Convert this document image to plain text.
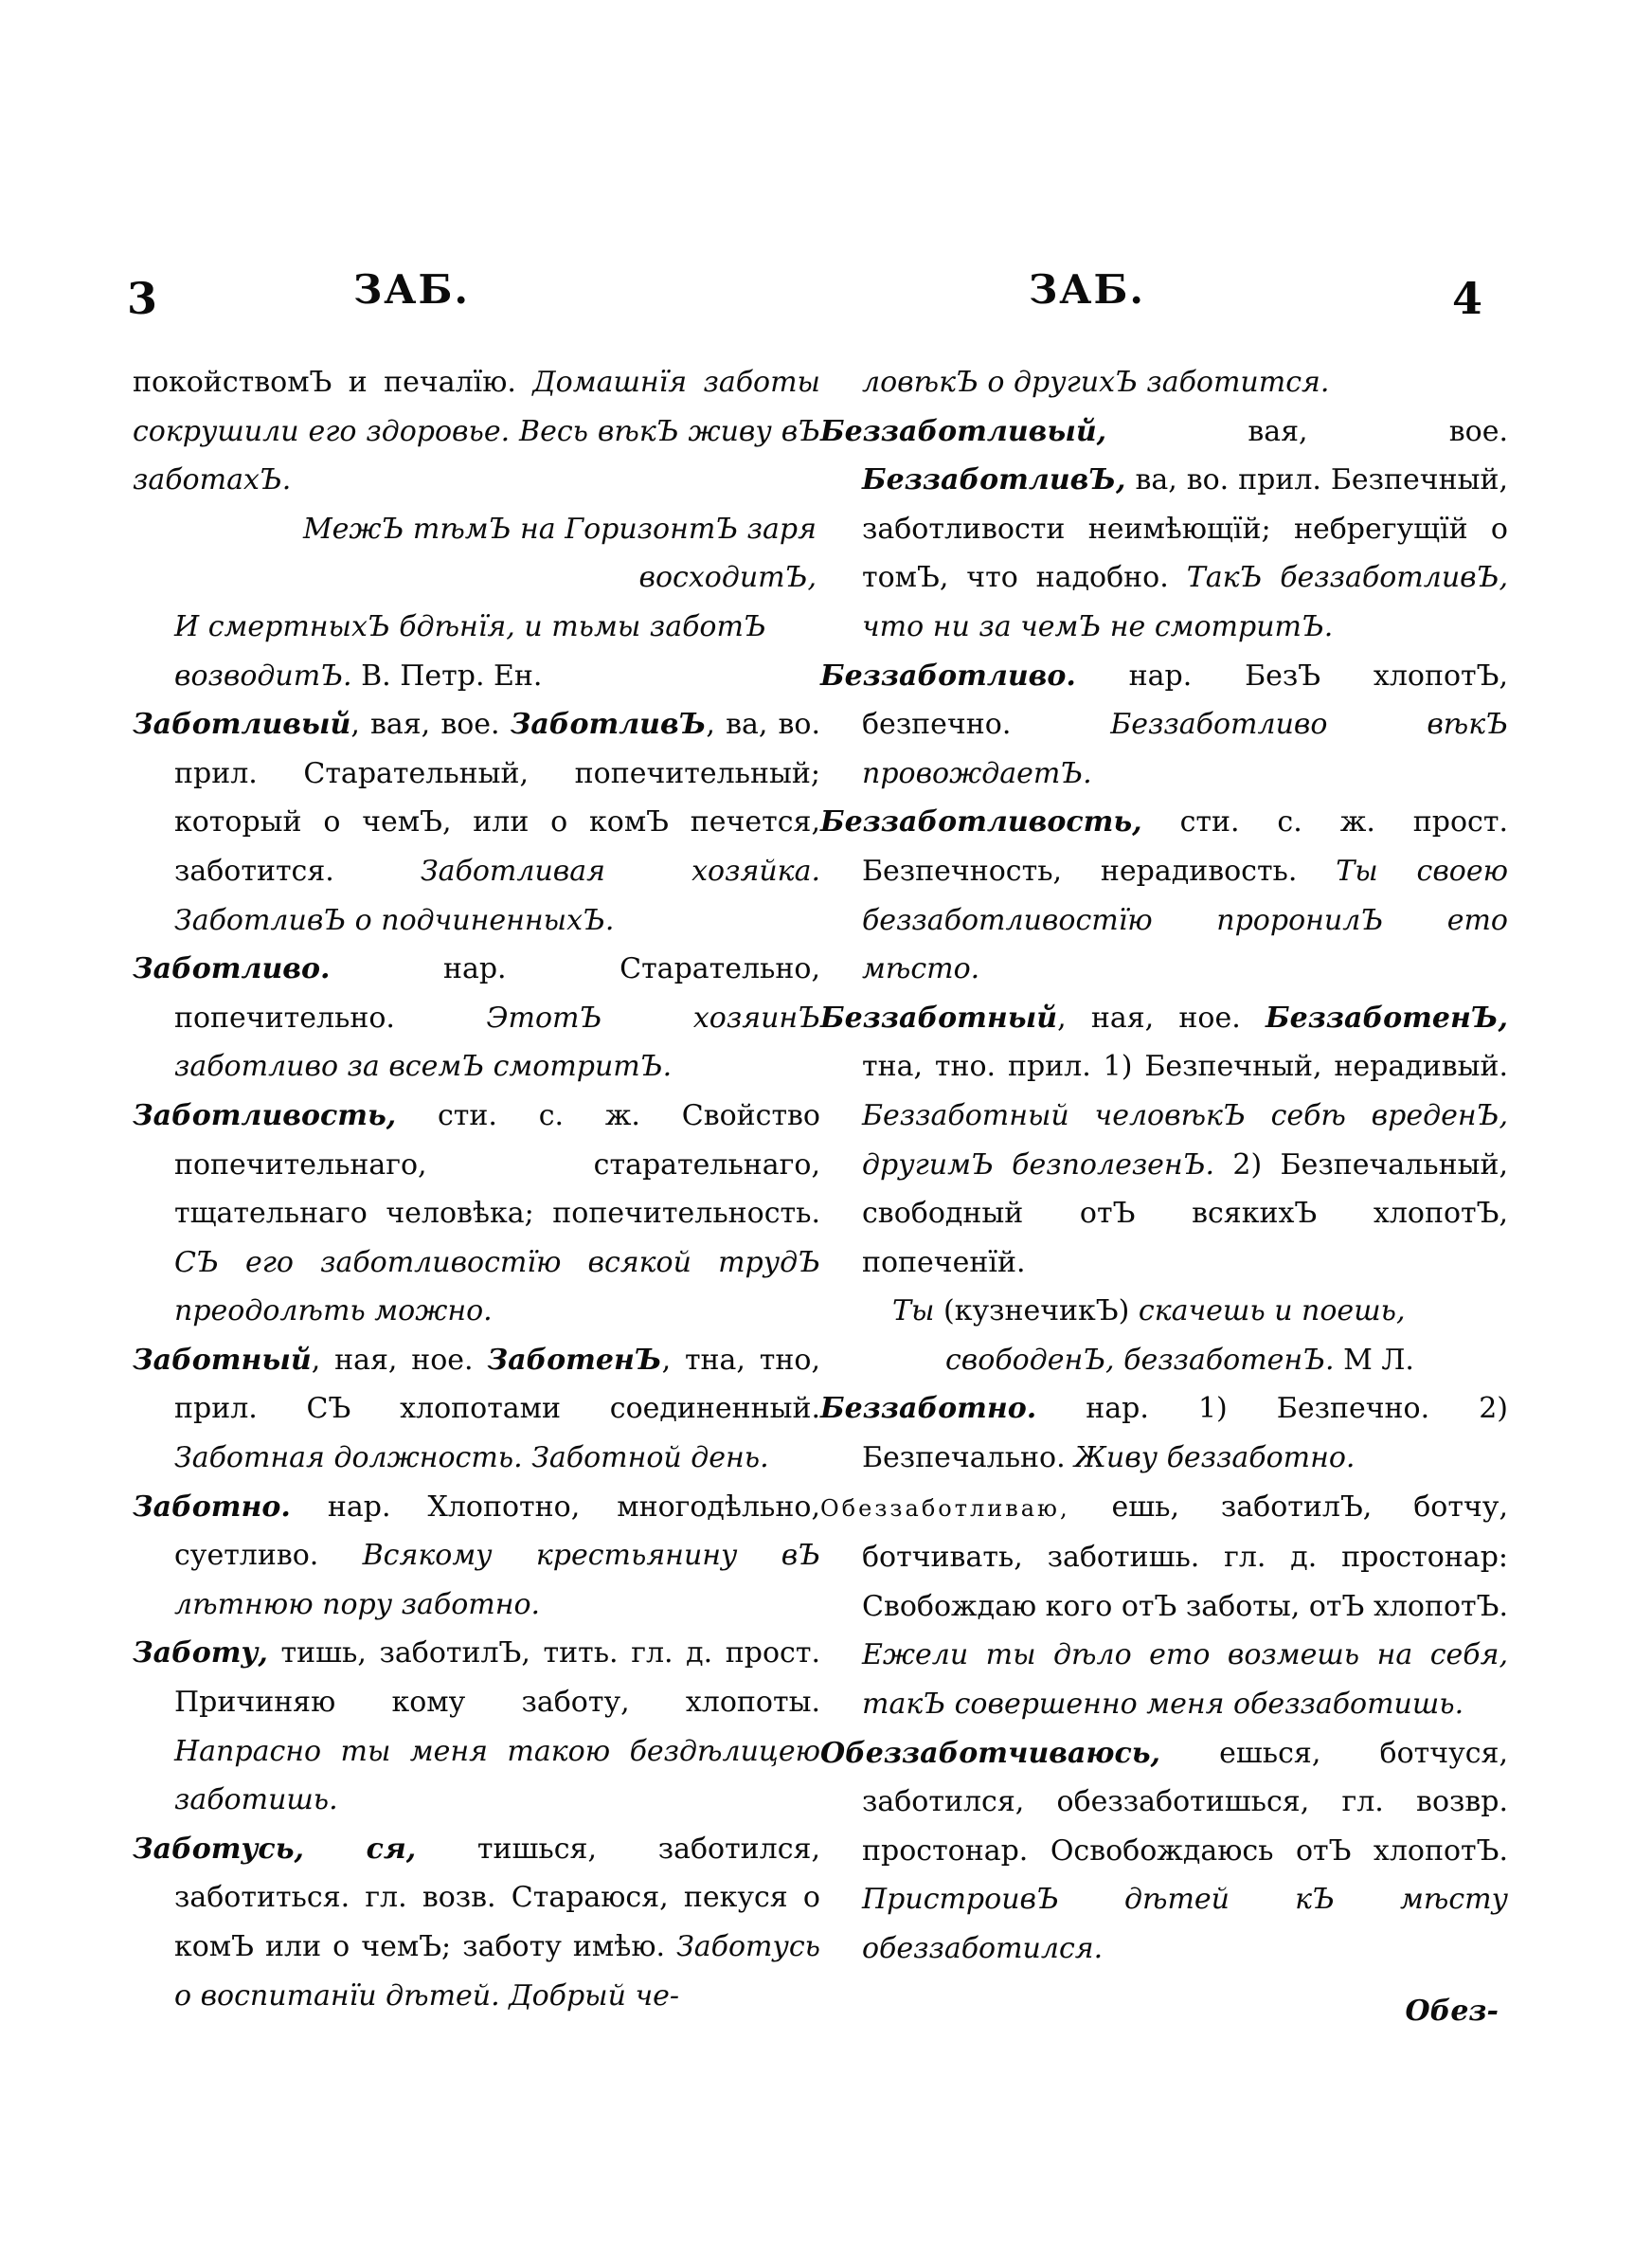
3	ЗАБ.	ЗАБ.	4

покойствомЪ и печалїю. Домашнїя заботы сокрушили его здоровье. Весь вѣкЪ живу вЪ заботахЪ.

МежЪ тѣмЪ на ГоризонтЪ заря восходитЪ,

И смертныхЪ бдѣнїя, и тьмы заботЪ возводитЪ. В. Петр. Ен.

Заботливый, вая, вое. ЗаботливЪ, ва, во. прил. Старательный, попечительный; который о чемЪ, или о комЪ печется, заботится.	Заботливая хозяйка. ЗаботливЪ о подчиненныхЪ.

Заботливо.	нар. Старательно, попечительно.	ЭтотЪ хозяинЪ заботливо за всемЪ смотритЪ.

Заботливость, сти. с. ж. Свойство попечительнаго, старательнаго, тщательнаго человѣка; попечительность. СЪ его заботливостїю всякой трудЪ преодолѣть можно.

Заботный, ная, ное. ЗаботенЪ, тна, тно, прил. СЪ хлопотами соединенный. Заботная должность. Заботной день.

Заботно. нар. Хлопотно, многодѣльно, суетливо. Всякому крестьянину вЪ лѣтнюю пору заботно.

Заботу, тишь, заботилЪ, тить. гл. д. прост. Причиняю кому заботу, хлопоты. Напрасно ты меня такою бездѣлицею заботишь.

Заботусь, ся, тишься, заботился, заботиться. гл. возв. Стараюся, пекуся о комЪ или о чемЪ; заботу имѣю. Заботусь о воспитанїи дѣтей. Добрый че-

ловѣкЪ о другихЪ заботится.

Беззаботливый,	вая, вое. БеззаботливЪ, ва, во. прил. Безпечный, заботливости неимѣющїй; небрегущїй о томЪ, что надобно. ТакЪ беззаботливЪ, что ни за чемЪ не смотритЪ.

Беззаботливо. нар. БезЪ хлопотЪ, безпечно.	Беззаботливо вѣкЪ провождаетЪ.

Беззаботливость, сти. с. ж. прост. Безпечность, нерадивость. Ты своею беззаботливостїю проронилЪ ето мѣсто.

Беззаботный, ная, ное. БеззаботенЪ, тна, тно. прил. 1) Безпечный, нерадивый. Беззаботный человѣкЪ себѣ вреденЪ, другимЪ безполезенЪ. 2) Безпечальный, свободный отЪ всякихЪ хлопотЪ, попеченїй.

Ты (кузнечикЪ) скачешь и поешь,

свободенЪ, беззаботенЪ. М Л.

Беззаботно. нар. 1) Безпечно. 2) Безпечально. Живу беззаботно.

Обеззаботливаю, ешь, заботилЪ, ботчу, ботчивать, заботишь. гл. д. простонар: Свобождаю кого отЪ заботы, отЪ хлопотЪ. Ежели ты дѣло ето возмешь на себя, такЪ совершенно меня обеззаботишь.

Обеззаботчиваюсь, ешься, ботчуся, заботился, обеззаботишься, гл. возвр. простонар. Освобождаюсь отЪ хлопотЪ. ПристроивЪ дѣтей кЪ мѣсту обеззаботился.

Обез-
